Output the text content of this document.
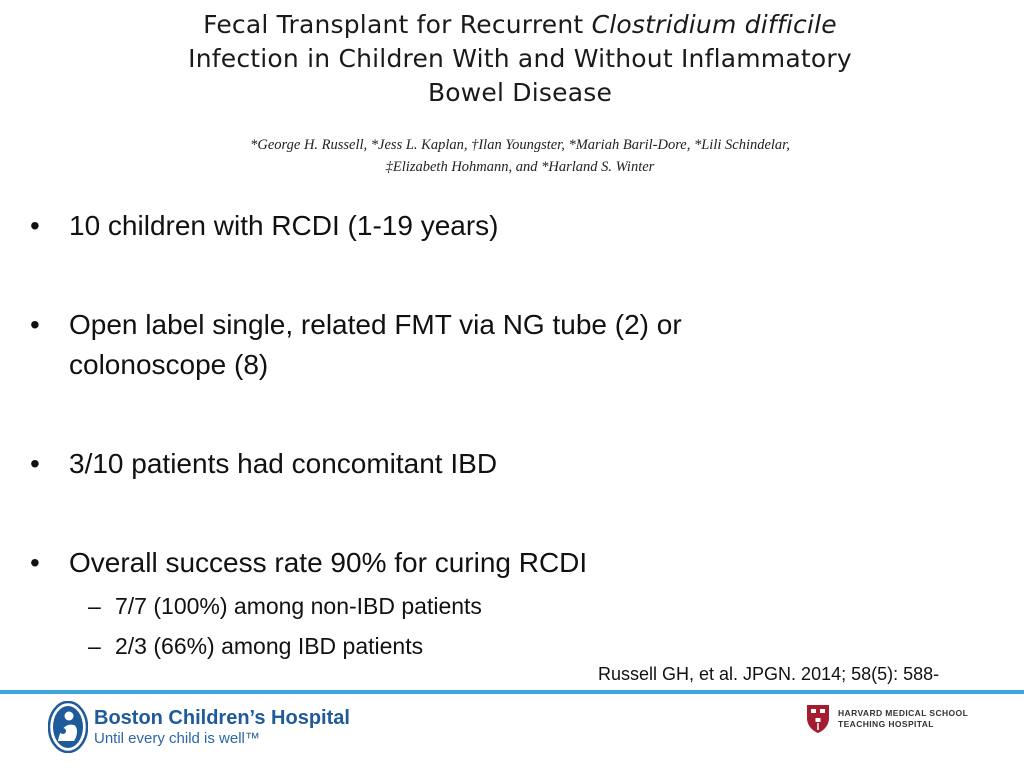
Fecal Transplant for Recurrent Clostridium difficile
Infection in Children With and Without Inflammatory
Bowel Disease
*George H. Russell, *Jess L. Kaplan, †Ilan Youngster, *Mariah Baril-Dore, *Lili Schindelar,
‡Elizabeth Hohmann, and *Harland S. Winter
•	10 children with RCDI (1-19 years)
•	Open label single, related FMT via NG tube (2) or
colonoscope (8)
•	3/10 patients had concomitant IBD
•	Overall success rate 90% for curing RCDI
– 7/7 (100%) among non-IBD patients
– 2/3 (66%) among IBD patients
Russell GH, et al. JPGN. 2014; 58(5): 588-
Boston Children’s Hospital
Until every child is well™
HARVARD MEDICAL SCHOOL
TEACHING HOSPITAL
